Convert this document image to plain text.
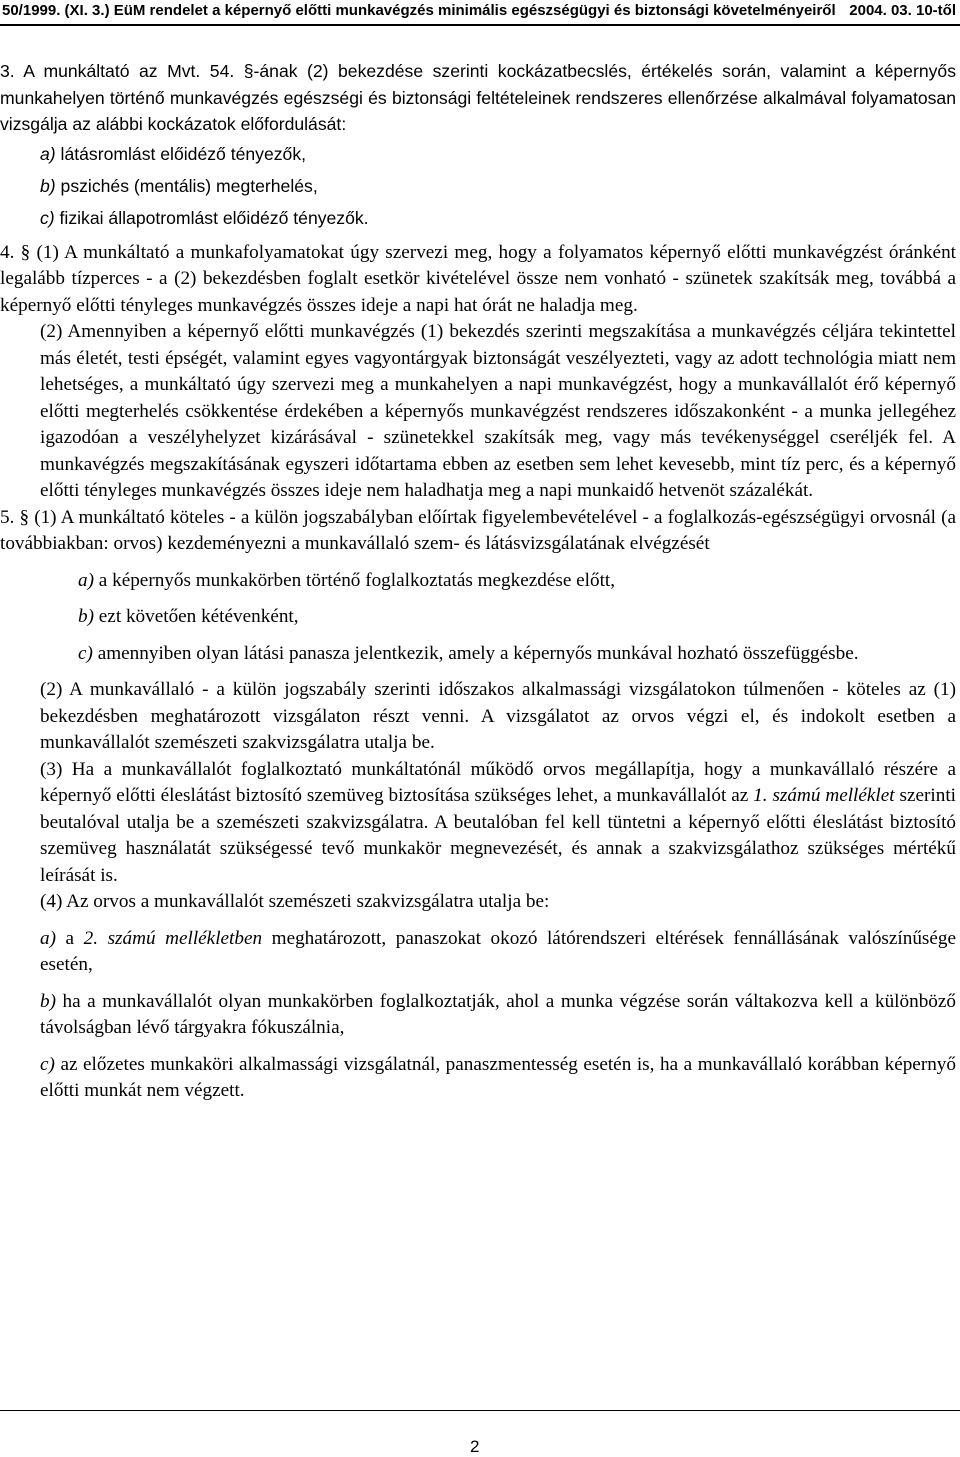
50/1999. (XI. 3.) EüM rendelet a képernyő előtti munkavégzés minimális egészségügyi és biztonsági követelményeiről 2004. 03. 10-től

3. A munkáltató az Mvt. 54. §-ának (2) bekezdése szerinti kockázatbecslés, értékelés során, valamint a képernyős munkahelyen történő munkavégzés egészségi és biztonsági feltételeinek rendszeres ellenőrzése alkalmával folyamatosan vizsgálja az alábbi kockázatok előfordulását:

a) látásromlást előidéző tényezők,

b) pszichés (mentális) megterhelés,

c) fizikai állapotromlást előidéző tényezők.

4. § (1) A munkáltató a munkafolyamatokat úgy szervezi meg, hogy a folyamatos képernyő előtti munkavégzést óránként legalább tízperces - a (2) bekezdésben foglalt esetkör kivételével össze nem vonható - szünetek szakítsák meg, továbbá a képernyő előtti tényleges munkavégzés összes ideje a napi hat órát ne haladja meg.

(2) Amennyiben a képernyő előtti munkavégzés (1) bekezdés szerinti megszakítása a munkavégzés céljára tekintettel más életét, testi épségét, valamint egyes vagyontárgyak biztonságát veszélyezteti, vagy az adott technológia miatt nem lehetséges, a munkáltató úgy szervezi meg a munkahelyen a napi munkavégzést, hogy a munkavállalót érő képernyő előtti megterhelés csökkentése érdekében a képernyős munkavégzést rendszeres időszakonként - a munka jellegéhez igazodóan a veszélyhelyzet kizárásával - szünetekkel szakítsák meg, vagy más tevékenységgel cseréljék fel. A munkavégzés megszakításának egyszeri időtartama ebben az esetben sem lehet kevesebb, mint tíz perc, és a képernyő előtti tényleges munkavégzés összes ideje nem haladhatja meg a napi munkaidő hetvenöt százalékát.

5. § (1) A munkáltató köteles - a külön jogszabályban előírtak figyelembevételével - a foglalkozás-egészségügyi orvosnál (a továbbiakban: orvos) kezdeményezni a munkavállaló szem- és látásvizsgálatának elvégzését

a) a képernyős munkakörben történő foglalkoztatás megkezdése előtt,

b) ezt követően kétévenként,

c) amennyiben olyan látási panasza jelentkezik, amely a képernyős munkával hozható összefüggésbe.

(2) A munkavállaló - a külön jogszabály szerinti időszakos alkalmassági vizsgálatokon túlmenően - köteles az (1) bekezdésben meghatározott vizsgálaton részt venni. A vizsgálatot az orvos végzi el, és indokolt esetben a munkavállalót szemészeti szakvizsgálatra utalja be.

(3) Ha a munkavállalót foglalkoztató munkáltatónál működő orvos megállapítja, hogy a munkavállaló részére a képernyő előtti éleslátást biztosító szemüveg biztosítása szükséges lehet, a munkavállalót az 1. számú melléklet szerinti beutalóval utalja be a szemészeti szakvizsgálatra. A beutalóban fel kell tüntetni a képernyő előtti éleslátást biztosító szemüveg használatát szükségessé tevő munkakör megnevezését, és annak a szakvizsgálathoz szükséges mértékű leírását is.

(4) Az orvos a munkavállalót szemészeti szakvizsgálatra utalja be:

a) a 2. számú mellékletben meghatározott, panaszokat okozó látórendszeri eltérések fennállásának valószínűsége esetén,

b) ha a munkavállalót olyan munkakörben foglalkoztatják, ahol a munka végzése során váltakozva kell a különböző távolságban lévő tárgyakra fókuszálnia,

c) az előzetes munkaköri alkalmassági vizsgálatnál, panaszmentesség esetén is, ha a munkavállaló korábban képernyő előtti munkát nem végzett.

2
